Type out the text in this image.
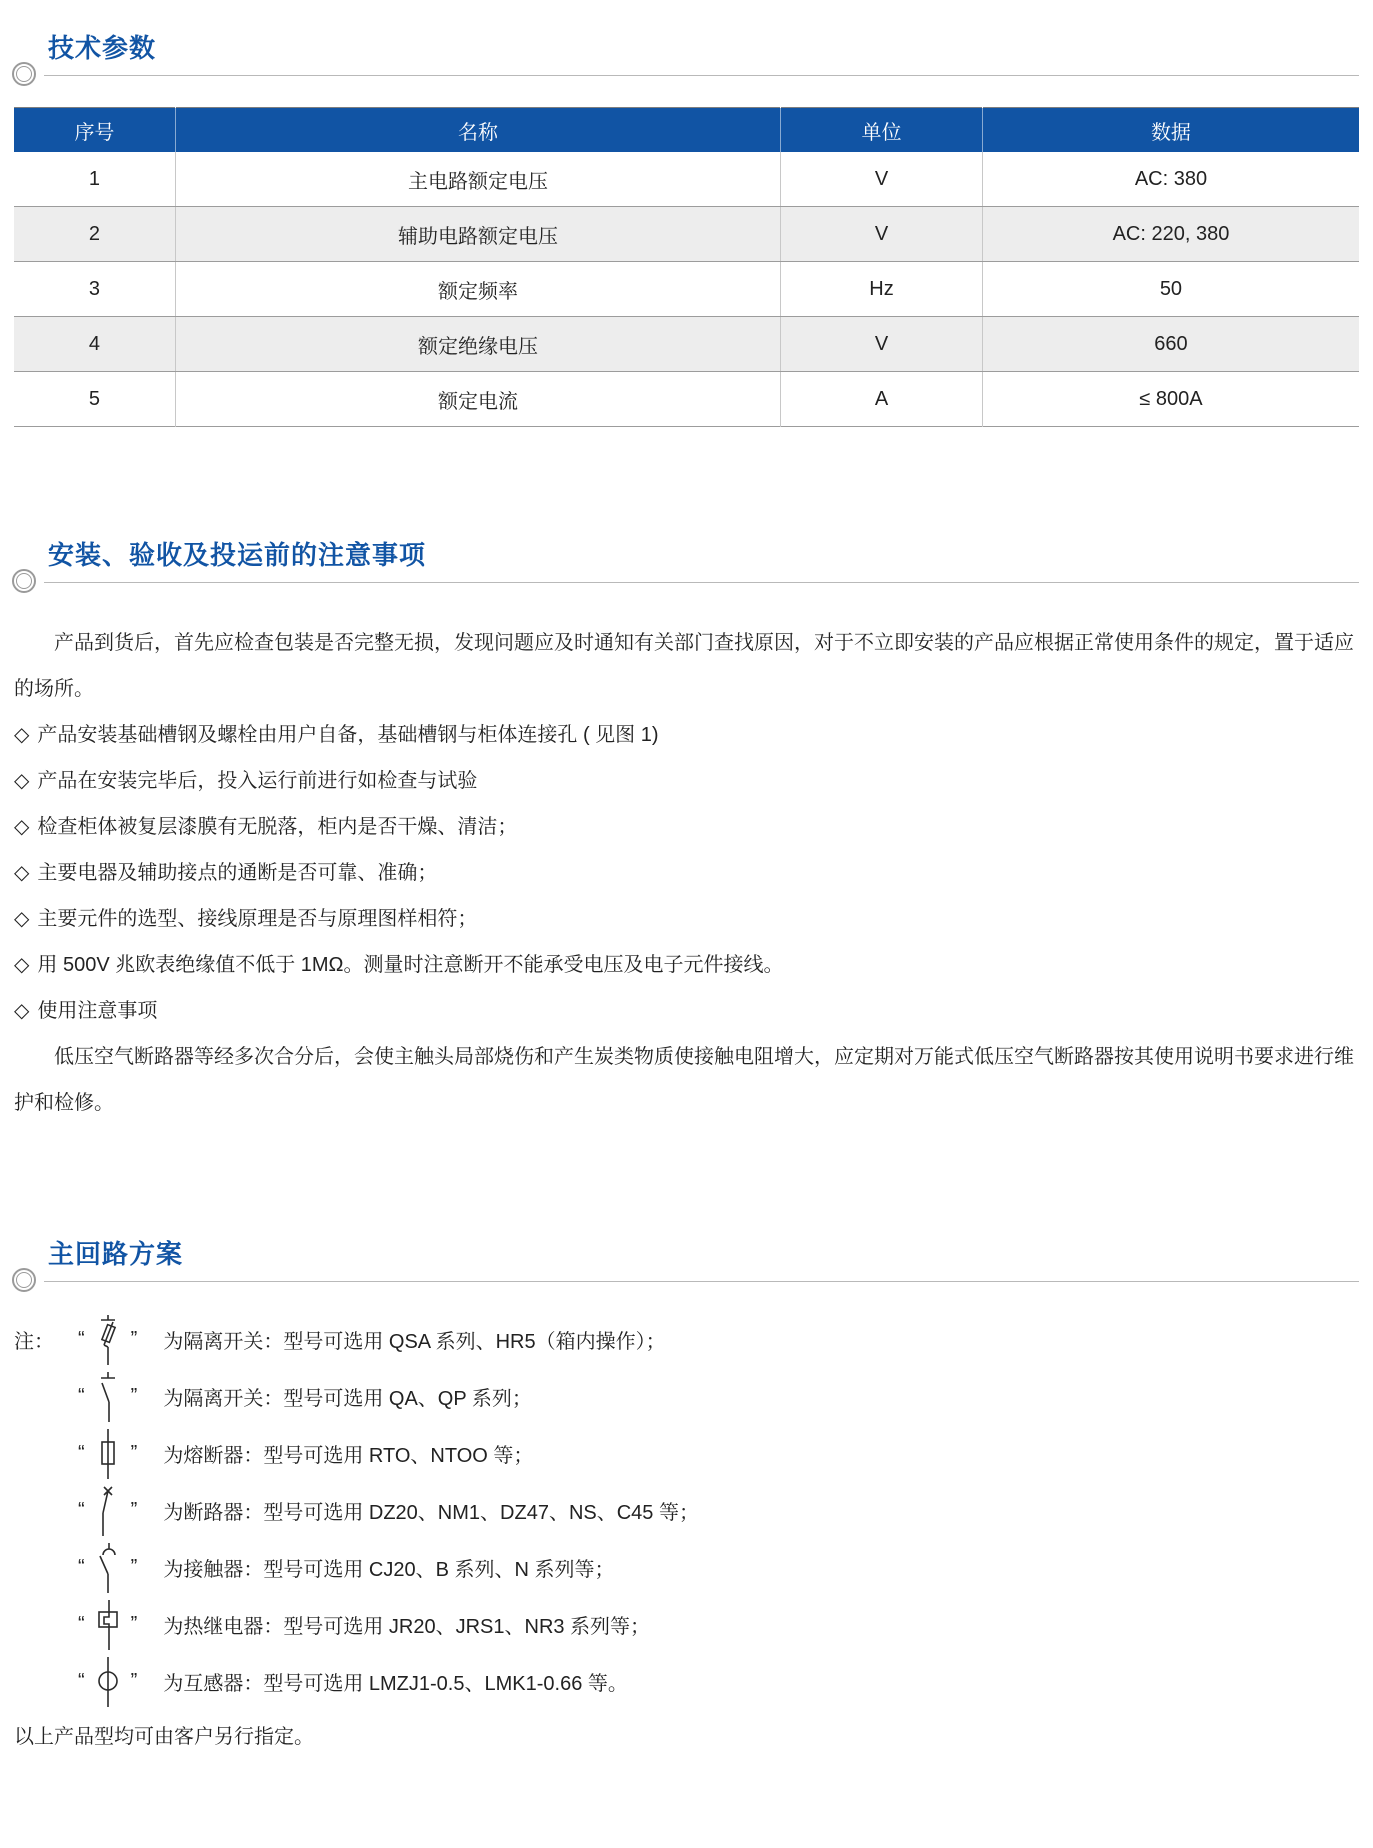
技术参数
序号	名称	单位	数据
1	主电路额定电压	V	AC: 380
2	辅助电路额定电压	V	AC: 220, 380
3	额定频率	Hz	50
4	额定绝缘电压	V	660
5	额定电流	A	≤ 800A
安装、验收及投运前的注意事项

产品到货后，首先应检查包装是否完整无损，发现问题应及时通知有关部门查找原因，对于不立即安装的产品应根据正常使用条件的规定，置于适应的场所。

◇ 产品安装基础槽钢及螺栓由用户自备，基础槽钢与柜体连接孔 ( 见图 1)
◇ 产品在安装完毕后，投入运行前进行如检查与试验
◇ 检查柜体被复层漆膜有无脱落，柜内是否干燥、清洁；
◇ 主要电器及辅助接点的通断是否可靠、准确；
◇ 主要元件的选型、接线原理是否与原理图样相符；
◇ 用 500V 兆欧表绝缘值不低于 1MΩ。测量时注意断开不能承受电压及电子元件接线。
◇ 使用注意事项

低压空气断路器等经多次合分后，会使主触头局部烧伤和产生炭类物质使接触电阻增大，应定期对万能式低压空气断路器按其使用说明书要求进行维护和检修。

主回路方案
注：	“ ” 为隔离开关：型号可选用 QSA 系列、HR5（箱内操作）；
“ ” 为隔离开关：型号可选用 QA、QP 系列；
“ ” 为熔断器：型号可选用 RTO、NTOO 等；
“ ” 为断路器：型号可选用 DZ20、NM1、DZ47、NS、C45 等；
“ ” 为接触器：型号可选用 CJ20、B 系列、N 系列等；
“ ” 为热继电器：型号可选用 JR20、JRS1、NR3 系列等；
“ ” 为互感器：型号可选用 LMZJ1-0.5、LMK1-0.66 等。
以上产品型均可由客户另行指定。
